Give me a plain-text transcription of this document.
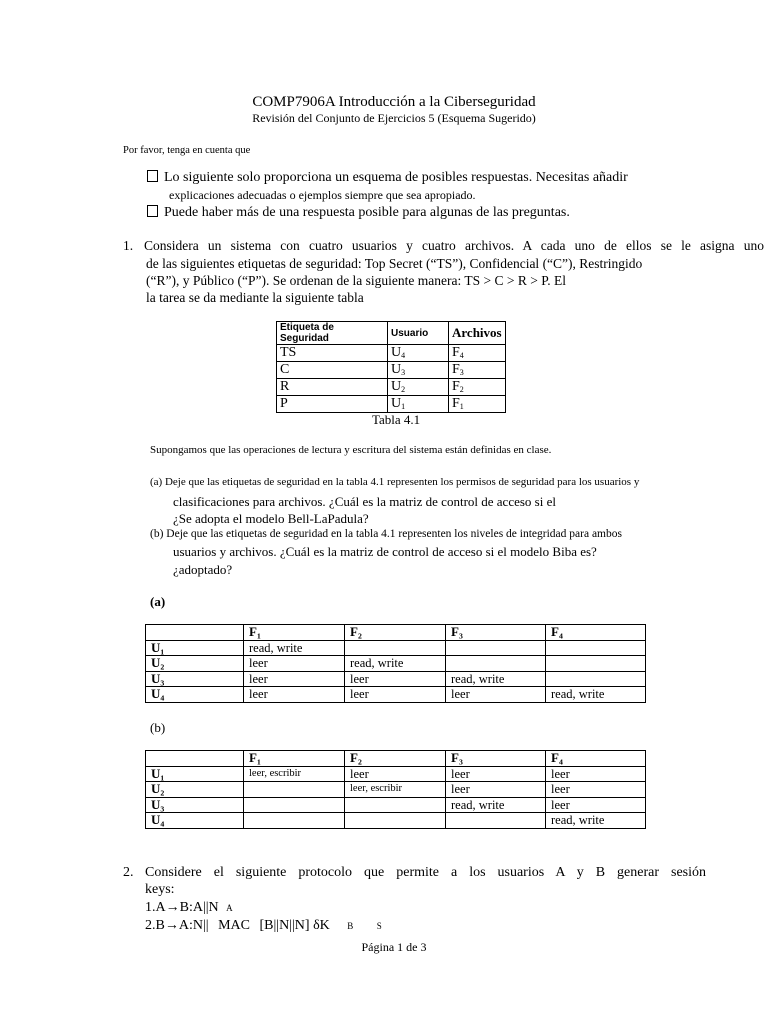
COMP7906A Introducción a la Ciberseguridad
Revisión del Conjunto de Ejercicios 5 (Esquema Sugerido)
Por favor, tenga en cuenta que
Lo siguiente solo proporciona un esquema de posibles respuestas. Necesitas añadir
explicaciones adecuadas o ejemplos siempre que sea apropiado.
Puede haber más de una respuesta posible para algunas de las preguntas.
1. Considera un sistema con cuatro usuarios y cuatro archivos. A cada uno de ellos se le asigna uno
de las siguientes etiquetas de seguridad: Top Secret (“TS”), Confidencial (“C”), Restringido
(“R”), y Público (“P”). Se ordenan de la siguiente manera: TS > C > R > P. El
la tarea se da mediante la siguiente tabla
Etiqueta de Seguridad	Usuario	Archivos
TS	$U_4$	$F_4$
C	$U_3$	$F_3$
R	$U_2$	$F_2$
P	$U_1$	$F_1$
Tabla 4.1
Supongamos que las operaciones de lectura y escritura del sistema están definidas en clase.
(a) Deje que las etiquetas de seguridad en la tabla 4.1 representen los permisos de seguridad para los usuarios y
clasificaciones para archivos. ¿Cuál es la matriz de control de acceso si el
¿Se adopta el modelo Bell-LaPadula?
(b) Deje que las etiquetas de seguridad en la tabla 4.1 representen los niveles de integridad para ambos
usuarios y archivos. ¿Cuál es la matriz de control de acceso si el modelo Biba es?
¿adoptado?
(a)
	F₁	F₂	F₃	F₄
U₁	read, write			
U₂	leer	read, write		
U₃	leer	leer	read, write	
U₄	leer	leer	leer	read, write
(b)
	F₁	F₂	F₃	F₄
U₁	leer, escribir	leer	leer	leer
U₂		leer, escribir	leer	leer
U₃			read, write	leer
U₄				read, write
2. Considere el siguiente protocolo que permite a los usuarios A y B generar sesión
keys:
1.A→B:A||N A
2.B→A:N|| MAC [B||N||N] δK B	S
Página 1 de 3
